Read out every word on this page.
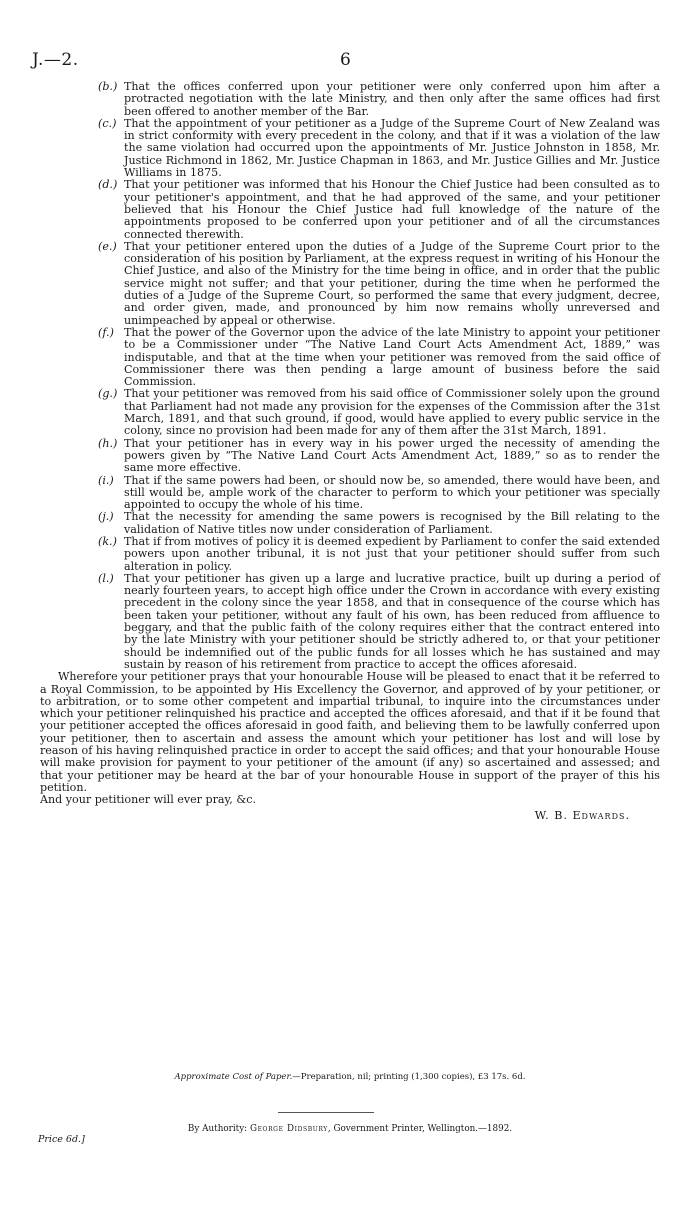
J.—2.	6
(b.) That the offices conferred upon your petitioner were only conferred upon him after a protracted negotiation with the late Ministry, and then only after the same offices had first been offered to another member of the Bar.
(c.) That the appointment of your petitioner as a Judge of the Supreme Court of New Zealand was in strict conformity with every precedent in the colony, and that if it was a violation of the law the same violation had occurred upon the appointments of Mr. Justice Johnston in 1858, Mr. Justice Richmond in 1862, Mr. Justice Chapman in 1863, and Mr. Justice Gillies and Mr. Justice Williams in 1875.
(d.) That your petitioner was informed that his Honour the Chief Justice had been consulted as to your petitioner's appointment, and that he had approved of the same, and your petitioner believed that his Honour the Chief Justice had full knowledge of the nature of the appointments proposed to be conferred upon your petitioner and of all the circumstances connected therewith.
(e.) That your petitioner entered upon the duties of a Judge of the Supreme Court prior to the consideration of his position by Parliament, at the express request in writing of his Honour the Chief Justice, and also of the Ministry for the time being in office, and in order that the public service might not suffer; and that your petitioner, during the time when he performed the duties of a Judge of the Supreme Court, so performed the same that every judgment, decree, and order given, made, and pronounced by him now remains wholly unreversed and unimpeached by appeal or otherwise.
(f.) That the power of the Governor upon the advice of the late Ministry to appoint your petitioner to be a Commissioner under “The Native Land Court Acts Amendment Act, 1889,” was indisputable, and that at the time when your petitioner was removed from the said office of Commissioner there was then pending a large amount of business before the said Commission.
(g.) That your petitioner was removed from his said office of Commissioner solely upon the ground that Parliament had not made any provision for the expenses of the Commission after the 31st March, 1891, and that such ground, if good, would have applied to every public service in the colony, since no provision had been made for any of them after the 31st March, 1891.
(h.) That your petitioner has in every way in his power urged the necessity of amending the powers given by “The Native Land Court Acts Amendment Act, 1889,” so as to render the same more effective.
(i.) That if the same powers had been, or should now be, so amended, there would have been, and still would be, ample work of the character to perform to which your petitioner was specially appointed to occupy the whole of his time.
(j.) That the necessity for amending the same powers is recognised by the Bill relating to the validation of Native titles now under consideration of Parliament.
(k.) That if from motives of policy it is deemed expedient by Parliament to confer the said extended powers upon another tribunal, it is not just that your petitioner should suffer from such alteration in policy.
(l.) That your petitioner has given up a large and lucrative practice, built up during a period of nearly fourteen years, to accept high office under the Crown in accordance with every existing precedent in the colony since the year 1858, and that in consequence of the course which has been taken your petitioner, without any fault of his own, has been reduced from affluence to beggary, and that the public faith of the colony requires either that the contract entered into by the late Ministry with your petitioner should be strictly adhered to, or that your petitioner should be indemnified out of the public funds for all losses which he has sustained and may sustain by reason of his retirement from practice to accept the offices aforesaid.

Wherefore your petitioner prays that your honourable House will be pleased to enact that it be referred to a Royal Commission, to be appointed by His Excellency the Governor, and approved of by your petitioner, or to arbitration, or to some other competent and impartial tribunal, to inquire into the circumstances under which your petitioner relinquished his practice and accepted the offices aforesaid, and that if it be found that your petitioner accepted the offices aforesaid in good faith, and believing them to be lawfully conferred upon your petitioner, then to ascertain and assess the amount which your petitioner has lost and will lose by reason of his having relinquished practice in order to accept the said offices; and that your honourable House will make provision for payment to your petitioner of the amount (if any) so ascertained and assessed; and that your petitioner may be heard at the bar of your honourable House in support of the prayer of this his petition.

And your petitioner will ever pray, &c.

W. B. Edwards.

Approximate Cost of Paper.—Preparation, nil; printing (1,300 copies), £3 17s. 6d.
By Authority: George Didsbury, Government Printer, Wellington.—1892.
Price 6d.]
